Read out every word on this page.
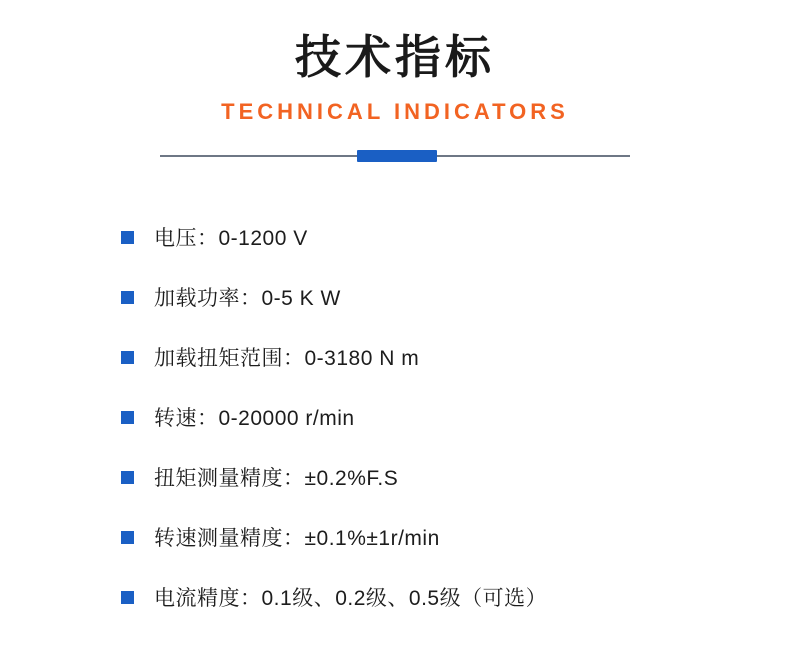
技术指标
TECHNICAL INDICATORS
电压：0-1200 V
加载功率：0-5 K W
加载扭矩范围：0-3180 N m
转速：0-20000 r/min
扭矩测量精度：±0.2%F.S
转速测量精度：±0.1%±1r/min
电流精度：0.1级、0.2级、0.5级（可选）
